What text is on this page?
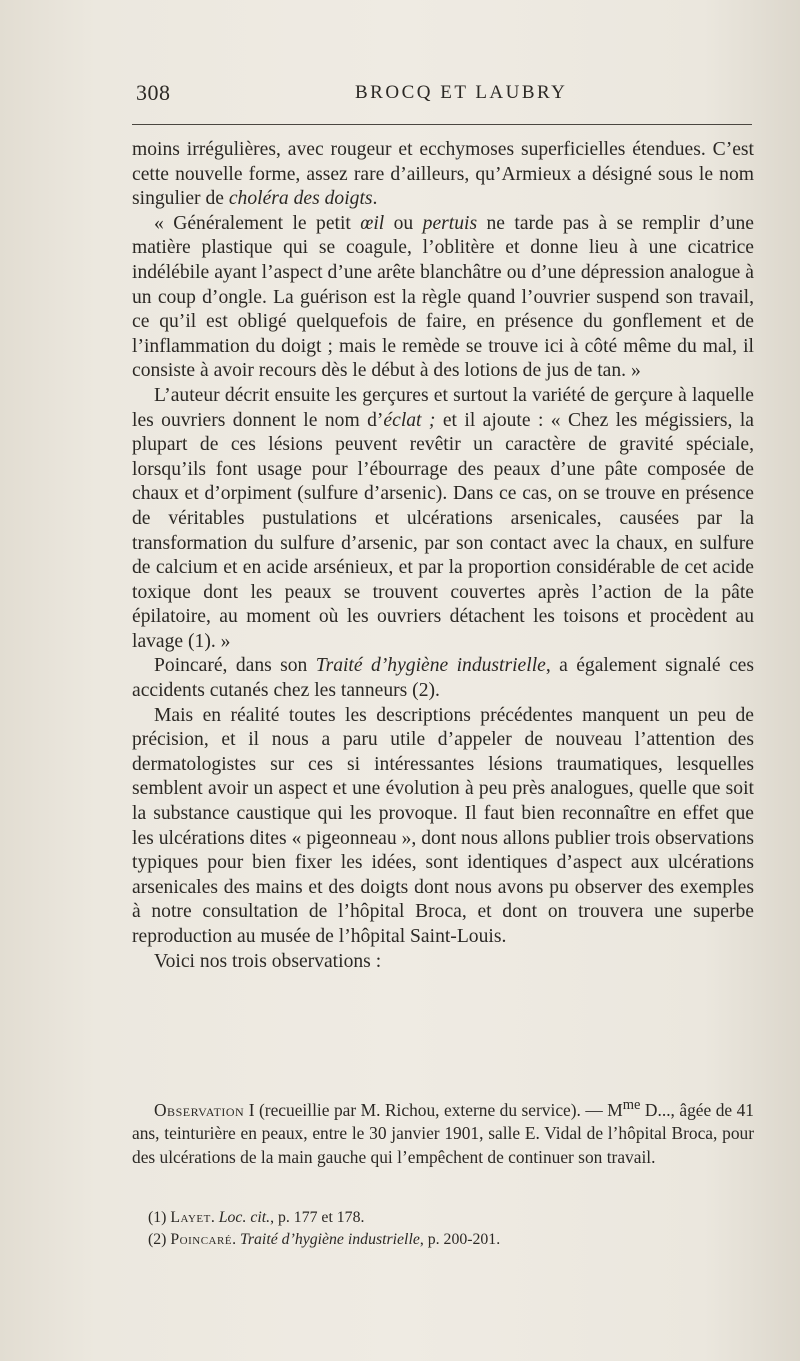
308	BROCQ ET LAUBRY

moins irrégulières, avec rougeur et ecchymoses superficielles étendues. C’est cette nouvelle forme, assez rare d’ailleurs, qu’Armieux a désigné sous le nom singulier de choléra des doigts.

« Généralement le petit œil ou pertuis ne tarde pas à se remplir d’une matière plastique qui se coagule, l’oblitère et donne lieu à une cicatrice indélébile ayant l’aspect d’une arête blanchâtre ou d’une dépression analogue à un coup d’ongle. La guérison est la règle quand l’ouvrier suspend son travail, ce qu’il est obligé quelquefois de faire, en présence du gonflement et de l’inflammation du doigt ; mais le remède se trouve ici à côté même du mal, il consiste à avoir recours dès le début à des lotions de jus de tan. »

L’auteur décrit ensuite les gerçures et surtout la variété de gerçure à laquelle les ouvriers donnent le nom d’éclat ; et il ajoute : « Chez les mégissiers, la plupart de ces lésions peuvent revêtir un caractère de gravité spéciale, lorsqu’ils font usage pour l’ébourrage des peaux d’une pâte composée de chaux et d’orpiment (sulfure d’arsenic). Dans ce cas, on se trouve en présence de véritables pustulations et ulcérations arsenicales, causées par la transformation du sulfure d’arsenic, par son contact avec la chaux, en sulfure de calcium et en acide arsénieux, et par la proportion considérable de cet acide toxique dont les peaux se trouvent couvertes après l’action de la pâte épilatoire, au moment où les ouvriers détachent les toisons et procèdent au lavage (1). »

Poincaré, dans son Traité d’hygiène industrielle, a également signalé ces accidents cutanés chez les tanneurs (2).

Mais en réalité toutes les descriptions précédentes manquent un peu de précision, et il nous a paru utile d’appeler de nouveau l’attention des dermatologistes sur ces si intéressantes lésions traumatiques, lesquelles semblent avoir un aspect et une évolution à peu près analogues, quelle que soit la substance caustique qui les provoque. Il faut bien reconnaître en effet que les ulcérations dites « pigeonneau », dont nous allons publier trois observations typiques pour bien fixer les idées, sont identiques d’aspect aux ulcérations arsenicales des mains et des doigts dont nous avons pu observer des exemples à notre consultation de l’hôpital Broca, et dont on trouvera une superbe reproduction au musée de l’hôpital Saint-Louis.

Voici nos trois observations :

Observation I (recueillie par M. Richou, externe du service). — $M^{me}$ D..., âgée de 41 ans, teinturière en peaux, entre le 30 janvier 1901, salle E. Vidal de l’hôpital Broca, pour des ulcérations de la main gauche qui l’empêchent de continuer son travail.

(1) Layet. Loc. cit., p. 177 et 178.

(2) Poincaré. Traité d’hygiène industrielle, p. 200-201.
